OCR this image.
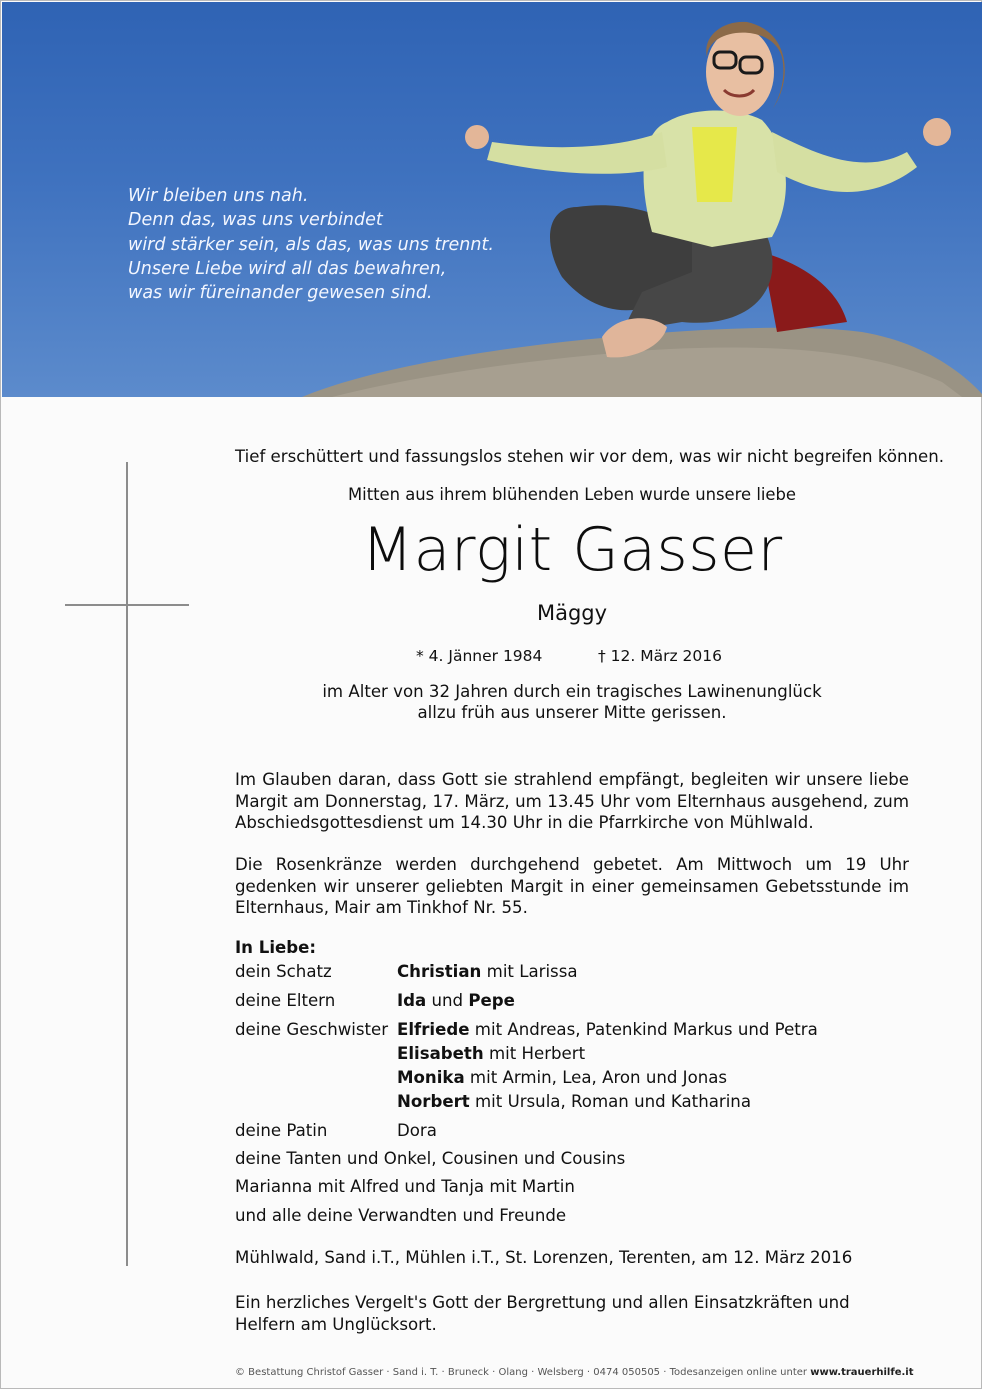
Wir bleiben uns nah.
Denn das, was uns verbindet
wird stärker sein, als das, was uns trennt.
Unsere Liebe wird all das bewahren,
was wir füreinander gewesen sind.
Tief erschüttert und fassungslos stehen wir vor dem, was wir nicht begreifen können.
Mitten aus ihrem blühenden Leben wurde unsere liebe
Margit Gasser
Mäggy
* 4. Jänner 1984	† 12. März 2016
im Alter von 32 Jahren durch ein tragisches Lawinenunglück
allzu früh aus unserer Mitte gerissen.
Im Glauben daran, dass Gott sie strahlend empfängt, begleiten wir unsere liebe Margit am Donnerstag, 17. März, um 13.45 Uhr vom Elternhaus ausgehend, zum Abschiedsgottesdienst um 14.30 Uhr in die Pfarrkirche von Mühlwald.
Die Rosenkränze werden durchgehend gebetet. Am Mittwoch um 19 Uhr gedenken wir unserer geliebten Margit in einer gemeinsamen Gebetsstunde im Elternhaus, Mair am Tinkhof Nr. 55.
In Liebe:
dein Schatz	Christian mit Larissa
deine Eltern	Ida und Pepe
deine Geschwister Elfriede mit Andreas, Patenkind Markus und Petra
Elisabeth mit Herbert
Monika mit Armin, Lea, Aron und Jonas
Norbert mit Ursula, Roman und Katharina
deine Patin	Dora
deine Tanten und Onkel, Cousinen und Cousins
Marianna mit Alfred und Tanja mit Martin
und alle deine Verwandten und Freunde
Mühlwald, Sand i.T., Mühlen i.T., St. Lorenzen, Terenten, am 12. März 2016
Ein herzliches Vergelt's Gott der Bergrettung und allen Einsatzkräften und Helfern am Unglücksort.
© Bestattung Christof Gasser · Sand i. T. · Bruneck · Olang · Welsberg · 0474 050505 · Todesanzeigen online unter www.trauerhilfe.it
